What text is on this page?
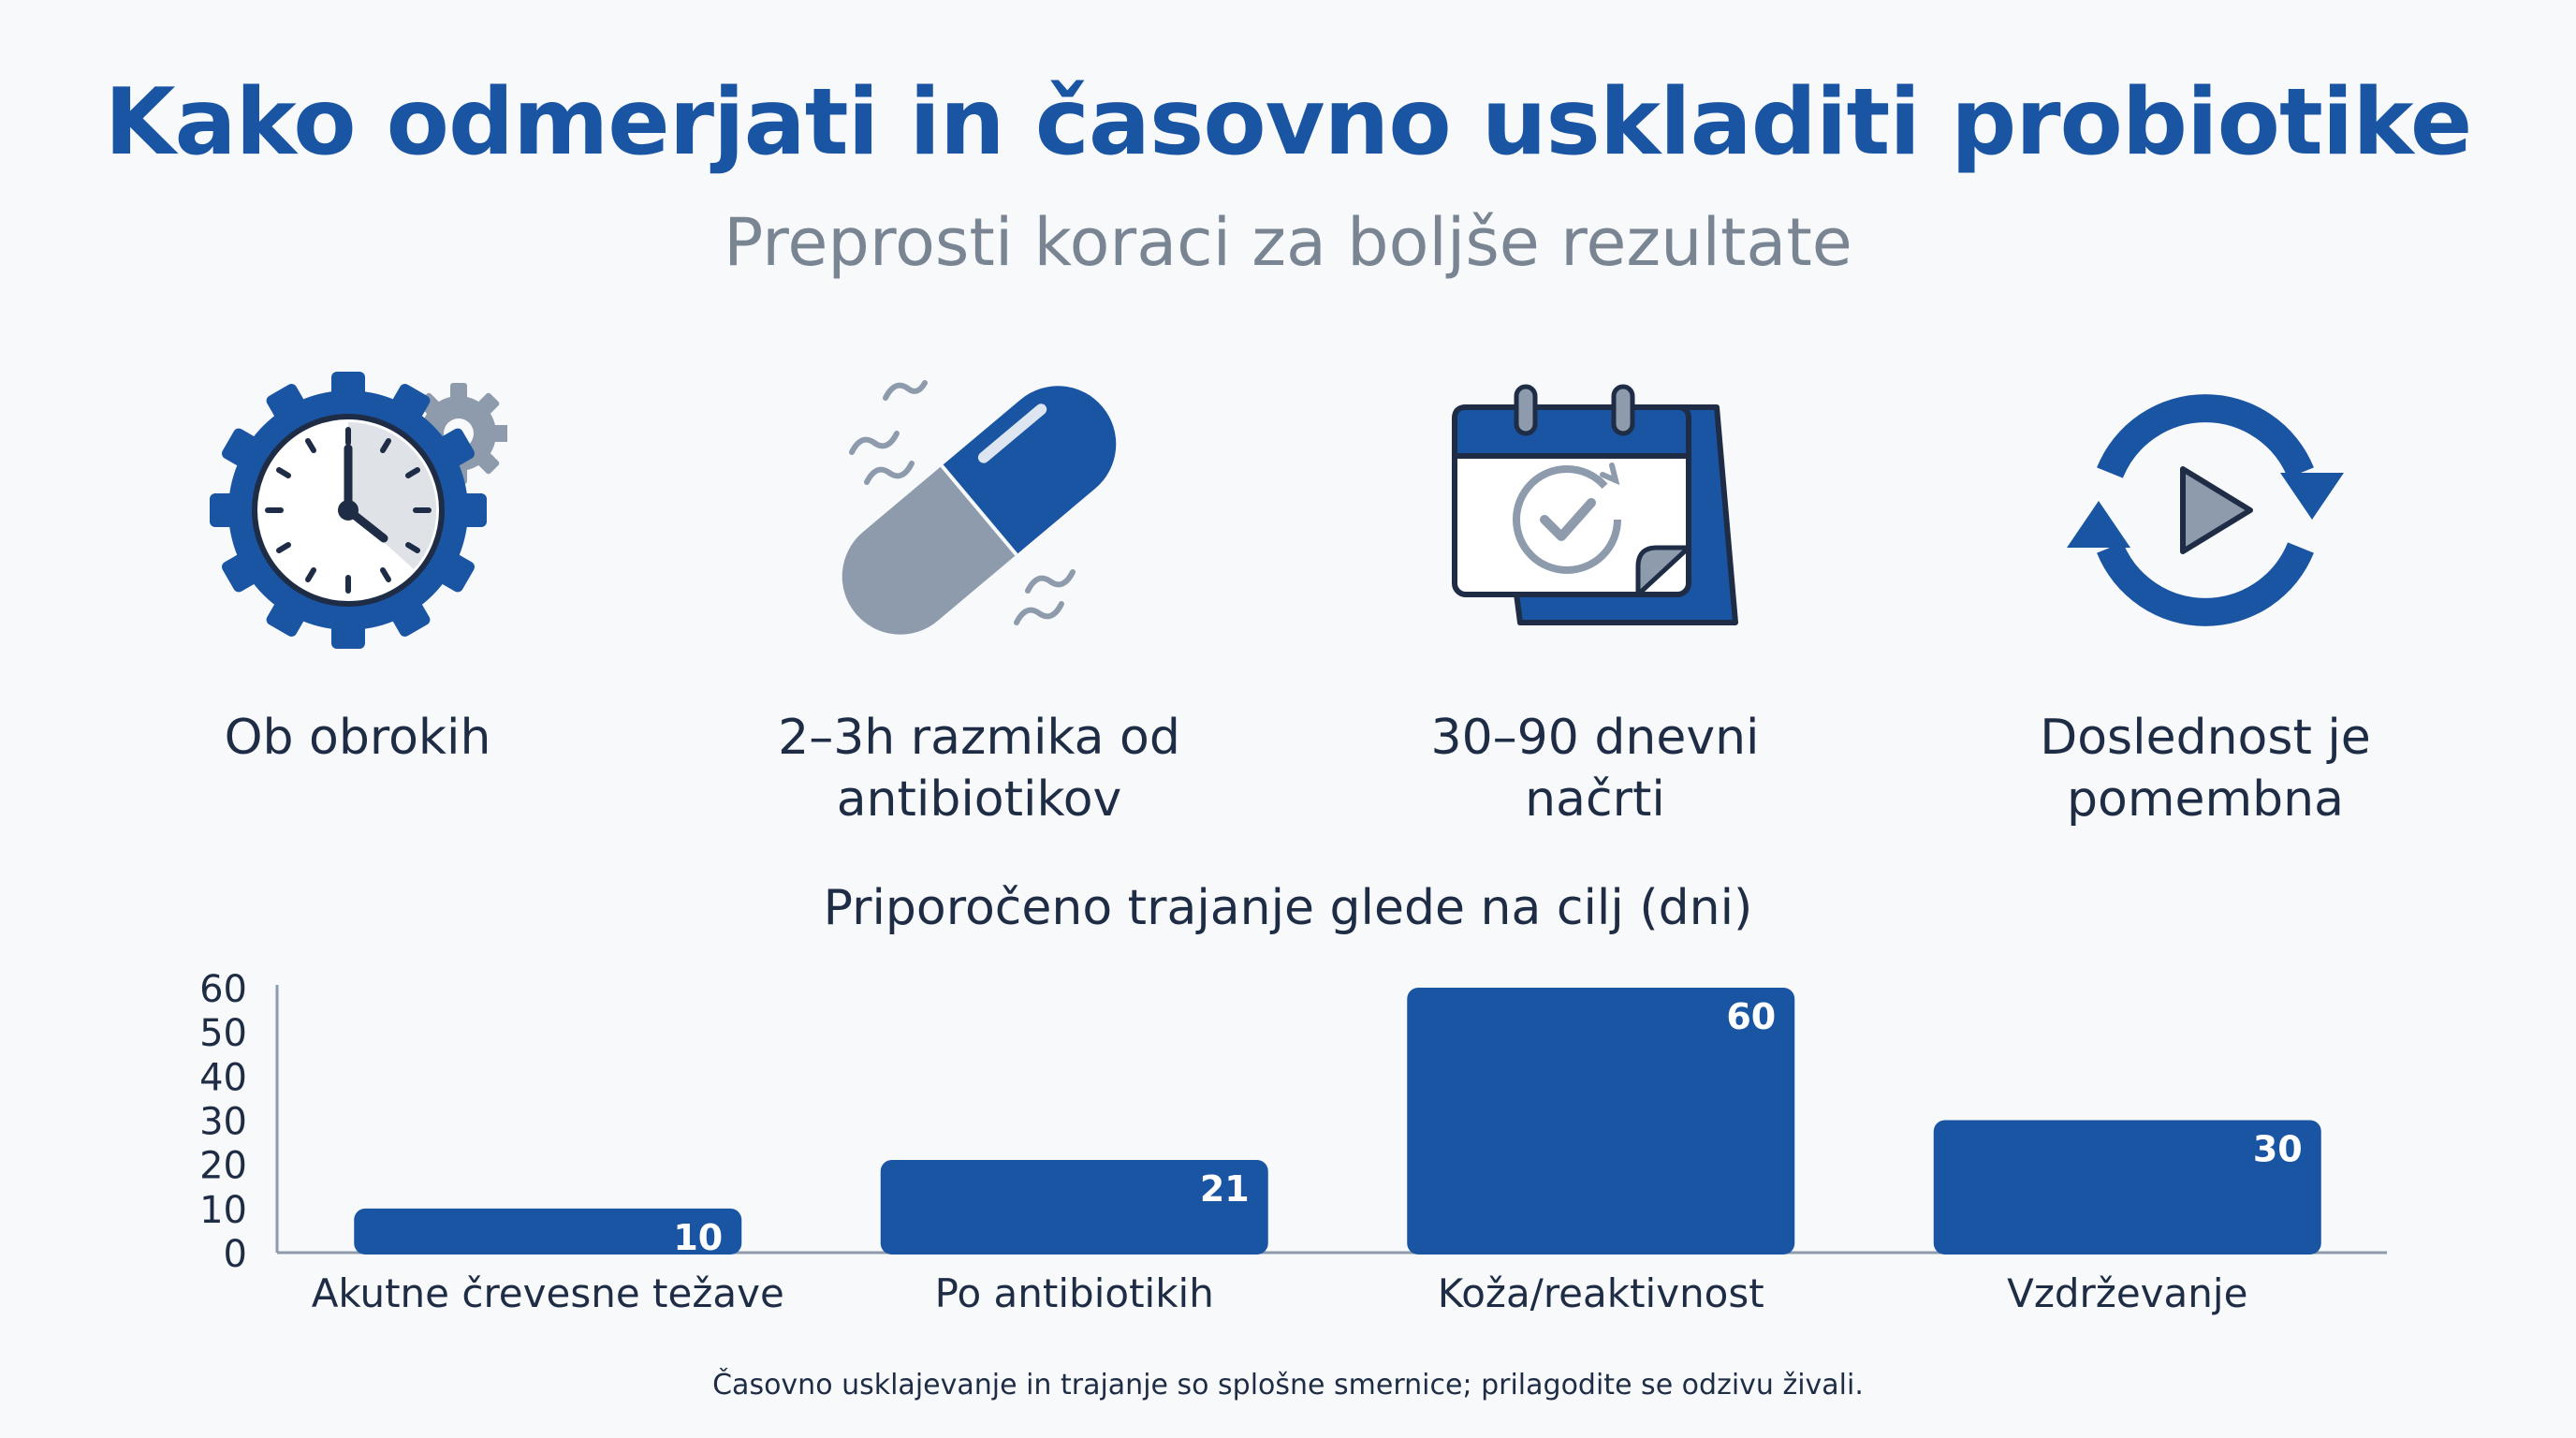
Kako odmerjati in časovno uskladiti probiotike
Preprosti koraci za boljše rezultate
Ob obrokih	2–3h razmika od
antibiotikov
30–90 dnevni
načrti
Doslednost je
pomembna
Priporočeno trajanje glede na cilj (dni)
0
10
20
30
40
50
60
10
Akutne črevesne težave
21
Po antibiotikih
60
Koža/reaktivnost
30
Vzdrževanje
Časovno usklajevanje in trajanje so splošne smernice; prilagodite se odzivu živali.
